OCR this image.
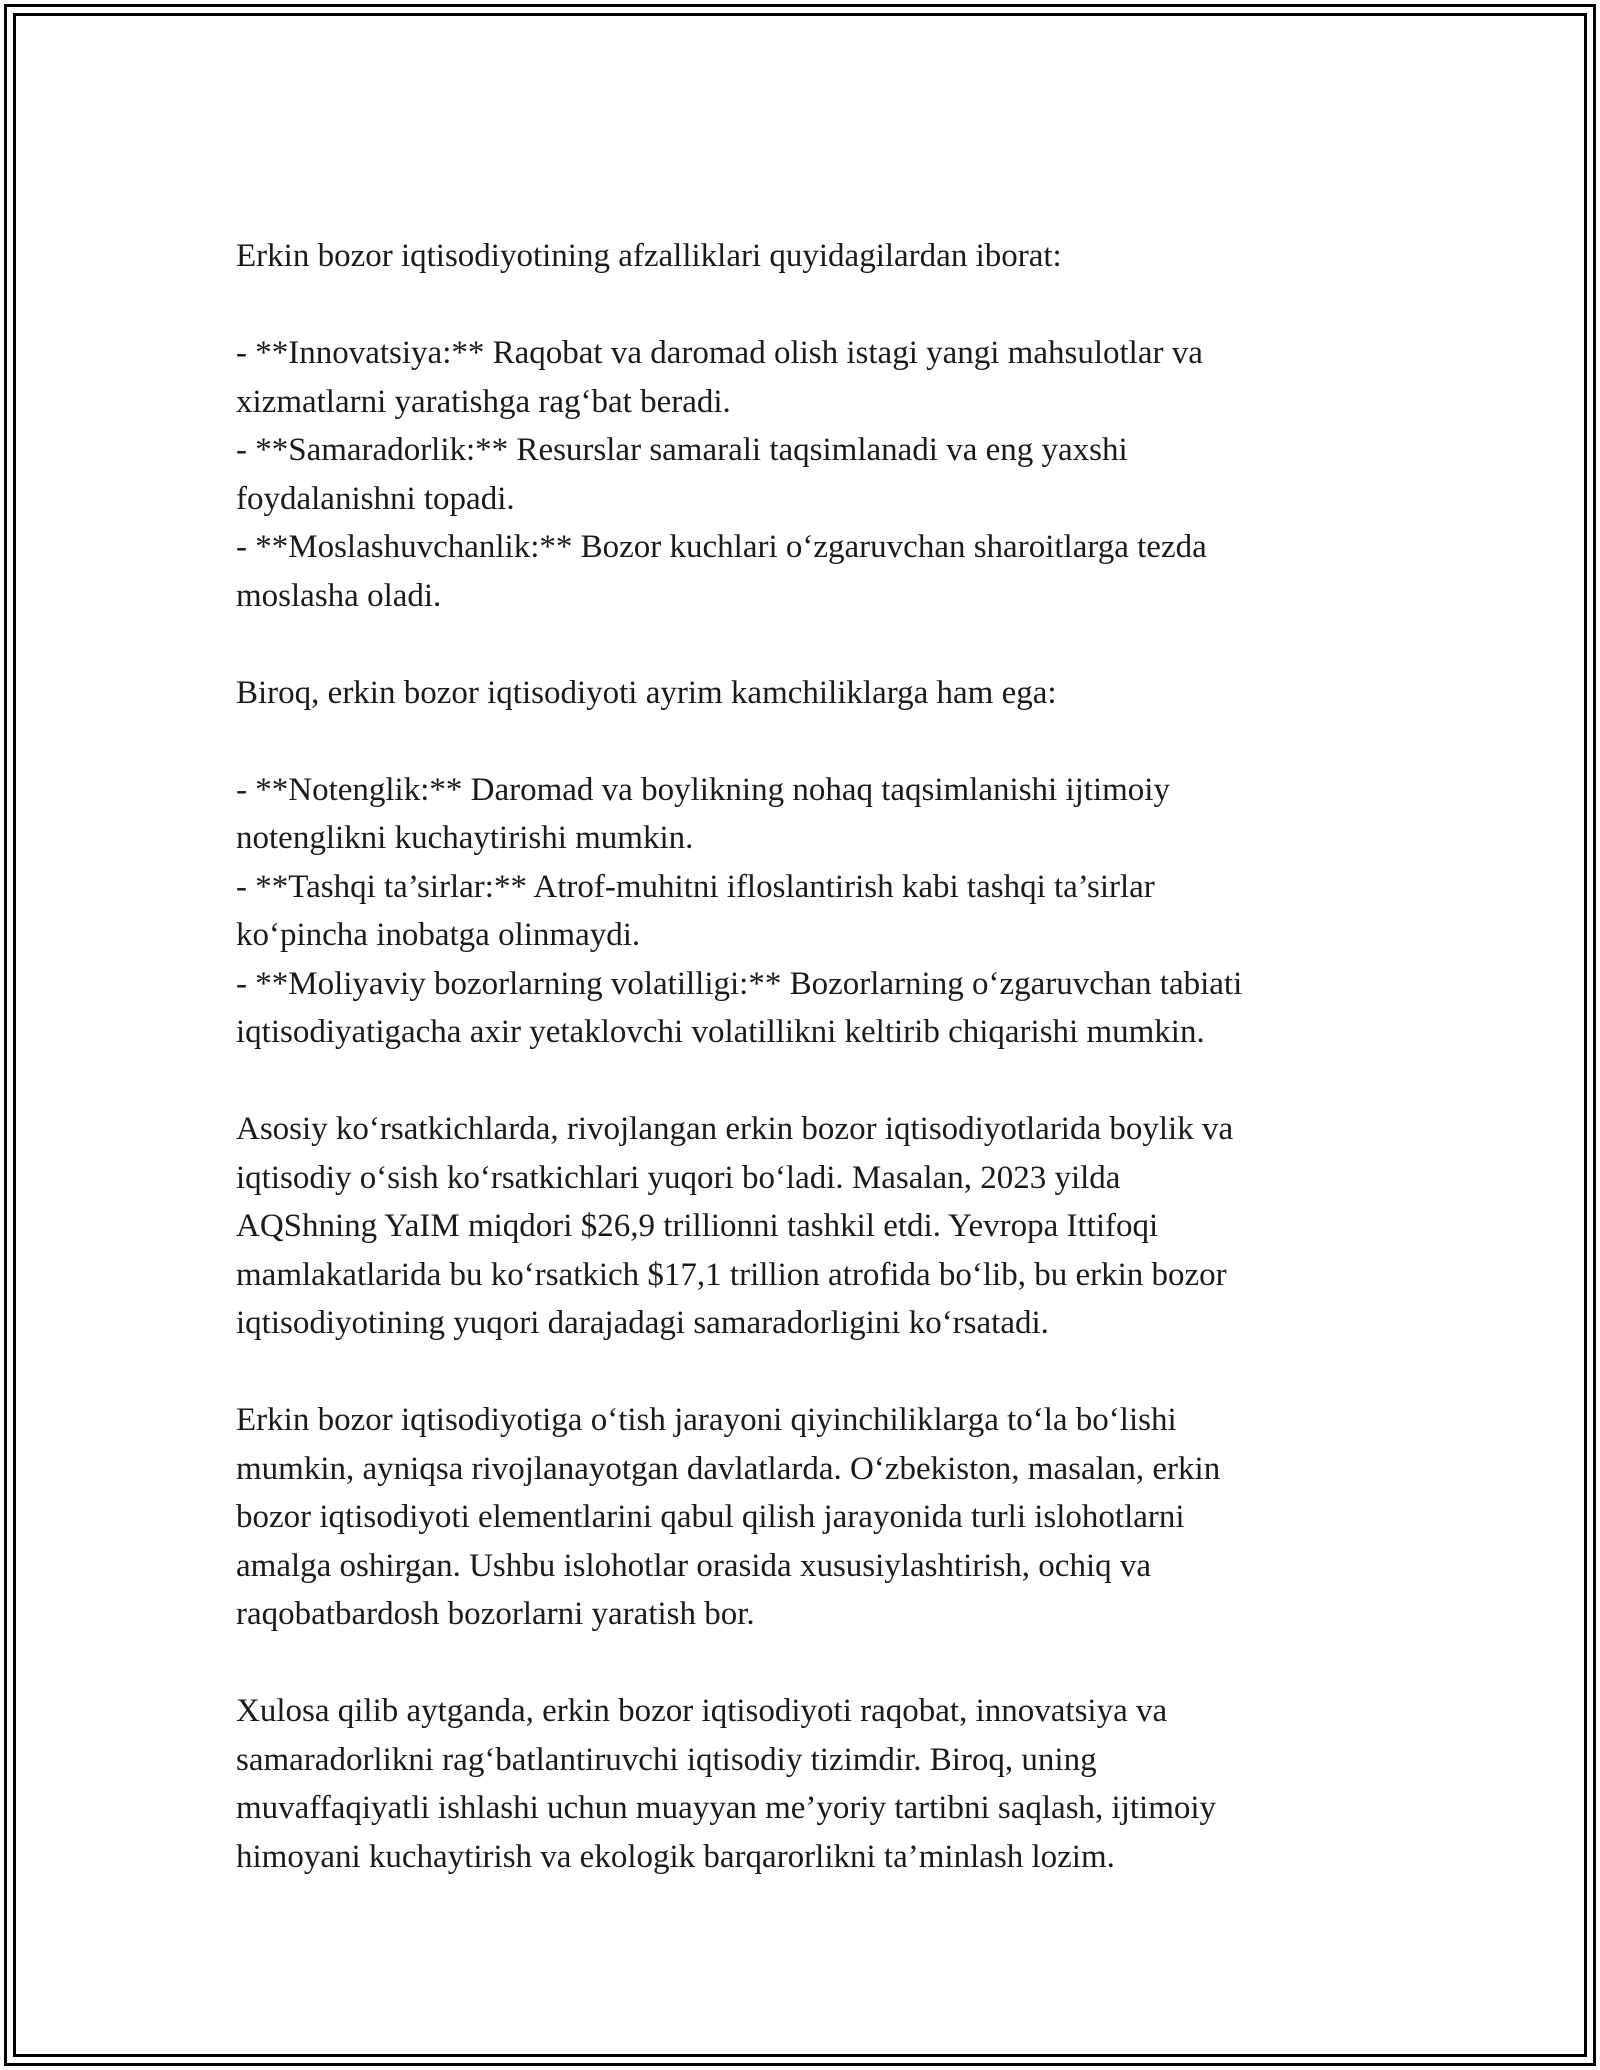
Erkin bozor iqtisodiyotining afzalliklari quyidagilardan iborat:

- **Innovatsiya:** Raqobat va daromad olish istagi yangi mahsulotlar va
xizmatlarni yaratishga rag‘bat beradi.
- **Samaradorlik:** Resurslar samarali taqsimlanadi va eng yaxshi
foydalanishni topadi.
- **Moslashuvchanlik:** Bozor kuchlari o‘zgaruvchan sharoitlarga tezda
moslasha oladi.

Biroq, erkin bozor iqtisodiyoti ayrim kamchiliklarga ham ega:

- **Notenglik:** Daromad va boylikning nohaq taqsimlanishi ijtimoiy
notenglikni kuchaytirishi mumkin.
- **Tashqi ta’sirlar:** Atrof-muhitni ifloslantirish kabi tashqi ta’sirlar
ko‘pincha inobatga olinmaydi.
- **Moliyaviy bozorlarning volatilligi:** Bozorlarning o‘zgaruvchan tabiati
iqtisodiyatigacha axir yetaklovchi volatillikni keltirib chiqarishi mumkin.

Asosiy ko‘rsatkichlarda, rivojlangan erkin bozor iqtisodiyotlarida boylik va
iqtisodiy o‘sish ko‘rsatkichlari yuqori bo‘ladi. Masalan, 2023 yilda
AQShning YaIM miqdori $26,9 trillionni tashkil etdi. Yevropa Ittifoqi
mamlakatlarida bu ko‘rsatkich $17,1 trillion atrofida bo‘lib, bu erkin bozor
iqtisodiyotining yuqori darajadagi samaradorligini ko‘rsatadi.

Erkin bozor iqtisodiyotiga o‘tish jarayoni qiyinchiliklarga to‘la bo‘lishi
mumkin, ayniqsa rivojlanayotgan davlatlarda. O‘zbekiston, masalan, erkin
bozor iqtisodiyoti elementlarini qabul qilish jarayonida turli islohotlarni
amalga oshirgan. Ushbu islohotlar orasida xususiylashtirish, ochiq va
raqobatbardosh bozorlarni yaratish bor.

Xulosa qilib aytganda, erkin bozor iqtisodiyoti raqobat, innovatsiya va
samaradorlikni rag‘batlantiruvchi iqtisodiy tizimdir. Biroq, uning
muvaffaqiyatli ishlashi uchun muayyan me’yoriy tartibni saqlash, ijtimoiy
himoyani kuchaytirish va ekologik barqarorlikni ta’minlash lozim.
